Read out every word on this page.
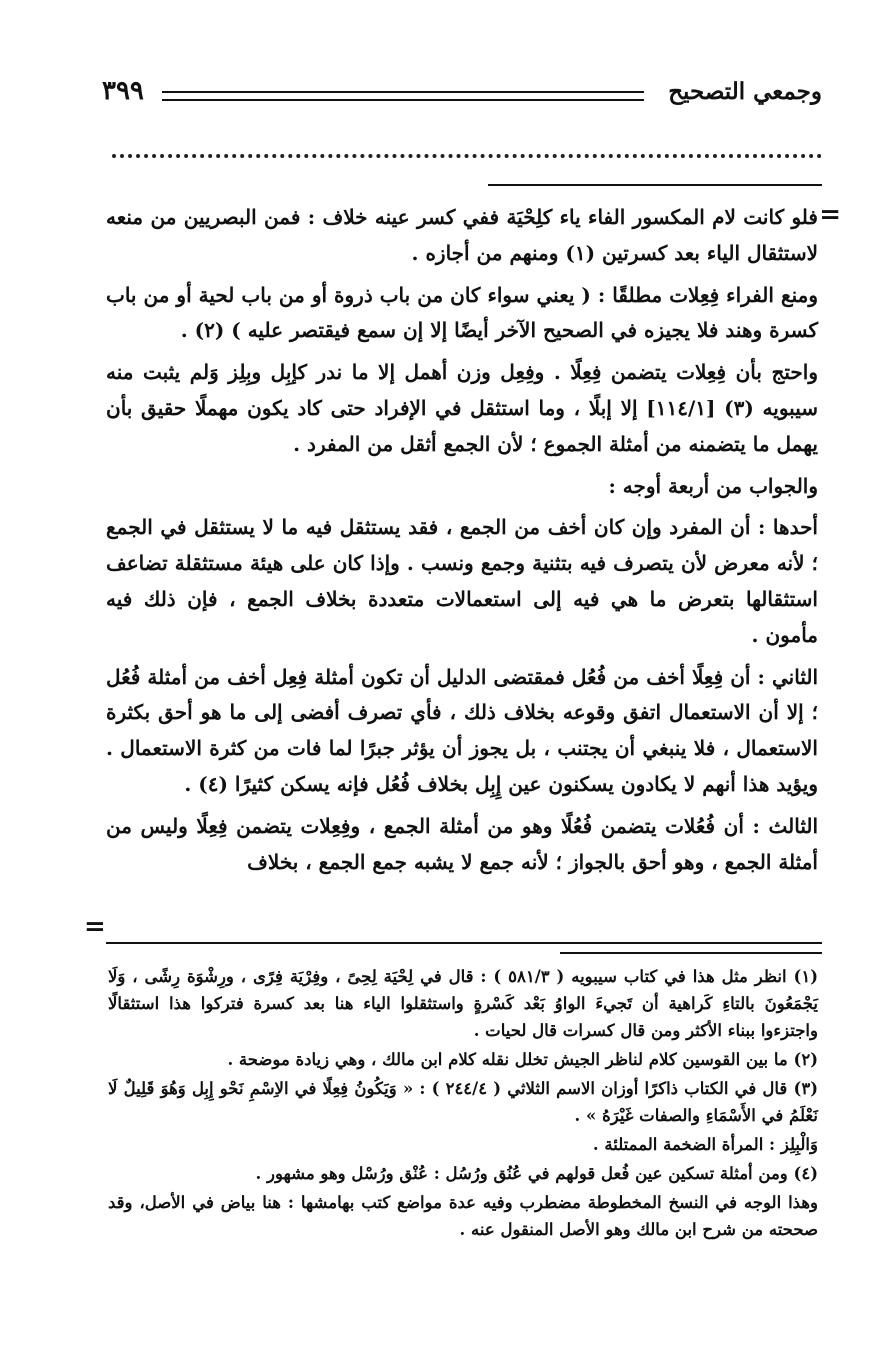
وجمعي التصحيح
٣٩٩
=

فلو كانت لام المكسور الفاء ياء كلِحْيَة ففي كسر عينه خلاف : فمن البصريين من منعه لاستثقال الياء بعد كسرتين (١) ومنهم من أجازه .

ومنع الفراء فِعِلات مطلقًا : ( يعني سواء كان من باب ذروة أو من باب لحية أو من باب كسرة وهند فلا يجيزه في الصحيح الآخر أيضًا إلا إن سمع فيقتصر عليه ) (٢) .

واحتج بأن فِعِلات يتضمن فِعِلًا . وفِعِل وزن أهمل إلا ما ندر كإبِل وبِلِز وَلم يثبت منه سيبويه (٣) [١١٤/١] إلا إبلًا ، وما استثقل في الإفراد حتى كاد يكون مهملًا حقيق بأن يهمل ما يتضمنه من أمثلة الجموع ؛ لأن الجمع أثقل من المفرد .

والجواب من أربعة أوجه :

أحدها : أن المفرد وإن كان أخف من الجمع ، فقد يستثقل فيه ما لا يستثقل في الجمع ؛ لأنه معرض لأن يتصرف فيه بتثنية وجمع ونسب . وإذا كان على هيئة مستثقلة تضاعف استثقالها بتعرض ما هي فيه إلى استعمالات متعددة بخلاف الجمع ، فإن ذلك فيه مأمون .

الثاني : أن فِعِلًا أخف من فُعُل فمقتضى الدليل أن تكون أمثلة فِعِل أخف من أمثلة فُعُل ؛ إلا أن الاستعمال اتفق وقوعه بخلاف ذلك ، فأي تصرف أفضى إلى ما هو أحق بكثرة الاستعمال ، فلا ينبغي أن يجتنب ، بل يجوز أن يؤثر جبرًا لما فات من كثرة الاستعمال . ويؤيد هذا أنهم لا يكادون يسكنون عين إِبِل بخلاف فُعُل فإنه يسكن كثيرًا (٤) .

الثالث : أن فُعُلات يتضمن فُعُلًا وهو من أمثلة الجمع ، وفِعِلات يتضمن فِعِلًا وليس من أمثلة الجمع ، وهو أحق بالجواز ؛ لأنه جمع لا يشبه جمع الجمع ، بخلاف

=

(١) انظر مثل هذا في كتاب سيبويه ( ٥٨١/٣ ) : قال في لِحْيَة لِحِىً ، وفِرْيَة فِرًى ، ورِشْوَة رِشًى ، وَلَا يَجْمَعُونَ بالتاءِ كَراهية أن تَجيءَ الواوُ بَعْد كَسْرةٍ واستثقلوا الياء هنا بعد كسرة فتركوا هذا استثقالًا واجتزءوا ببناء الأكثر ومن قال كسرات قال لحيات .

(٢) ما بين القوسين كلام لناظر الجيش تخلل نقله كلام ابن مالك ، وهي زيادة موضحة .

(٣) قال في الكتاب ذاكرًا أوزان الاسم الثلاثي ( ٢٤٤/٤ ) : « وَيَكُونُ فِعِلًا في الاِسْمِ نَحْو إِبِل وَهُوَ قَلِيلٌ لَا نَعْلَمُ في الأَسْمَاءِ والصفات غَيْرَهُ » .

وَالْبِلِز : المرأة الضخمة الممتلئة .

(٤) ومن أمثلة تسكين عين فُعل قولهم في عُنُق ورُسُل : عُنْق ورُسْل وهو مشهور .

وهذا الوجه في النسخ المخطوطة مضطرب وفيه عدة مواضع كتب بهامشها : هنا بياض في الأصل، وقد صححته من شرح ابن مالك وهو الأصل المنقول عنه .
